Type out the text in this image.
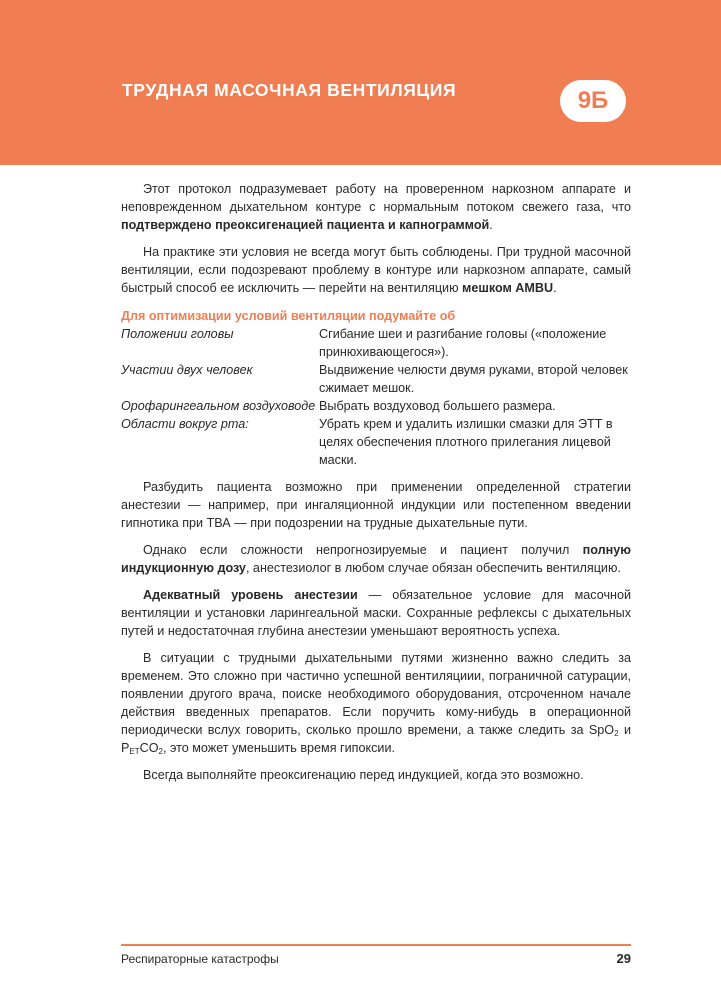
ТРУДНАЯ МАСОЧНАЯ ВЕНТИЛЯЦИЯ	9Б

Этот протокол подразумевает работу на проверенном наркозном аппарате и неповрежденном дыхательном контуре с нормальным потоком свежего газа, что подтверждено преоксигенацией пациента и капнограммой.

На практике эти условия не всегда могут быть соблюдены. При трудной масочной вентиляции, если подозревают проблему в контуре или наркозном аппарате, самый быстрый способ ее исключить — перейти на вентиляцию мешком AMBU.

Для оптимизации условий вентиляции подумайте об
Положении головы	Сгибание шеи и разгибание головы («положение принюхивающегося»).
Участии двух человек	Выдвижение челюсти двумя руками, второй человек сжимает мешок.
Орофарингеальном воздуховоде	Выбрать воздуховод большего размера.
Области вокруг рта:	Убрать крем и удалить излишки смазки для ЭТТ в целях обеспечения плотного прилегания лицевой маски.

Разбудить пациента возможно при применении определенной стратегии анестезии — например, при ингаляционной индукции или постепенном введении гипнотика при ТВА — при подозрении на трудные дыхательные пути.

Однако если сложности непрогнозируемые и пациент получил полную индукционную дозу, анестезиолог в любом случае обязан обеспечить вентиляцию.

Адекватный уровень анестезии — обязательное условие для масочной вентиляции и установки ларингеальной маски. Сохранные рефлексы с дыхательных путей и недостаточная глубина анестезии уменьшают вероятность успеха.

В ситуации с трудными дыхательными путями жизненно важно следить за временем. Это сложно при частично успешной вентиляциии, пограничной сатурации, появлении другого врача, поиске необходимого оборудования, отсроченном начале действия введенных препаратов. Если поручить кому-нибудь в операционной периодически вслух говорить, сколько прошло времени, а также следить за SpO$_2$ и $P_{ET}CO_2$, это может уменьшить время гипоксии.

Всегда выполняйте преоксигенацию перед индукцией, когда это возможно.

Респираторные катастрофы	29
